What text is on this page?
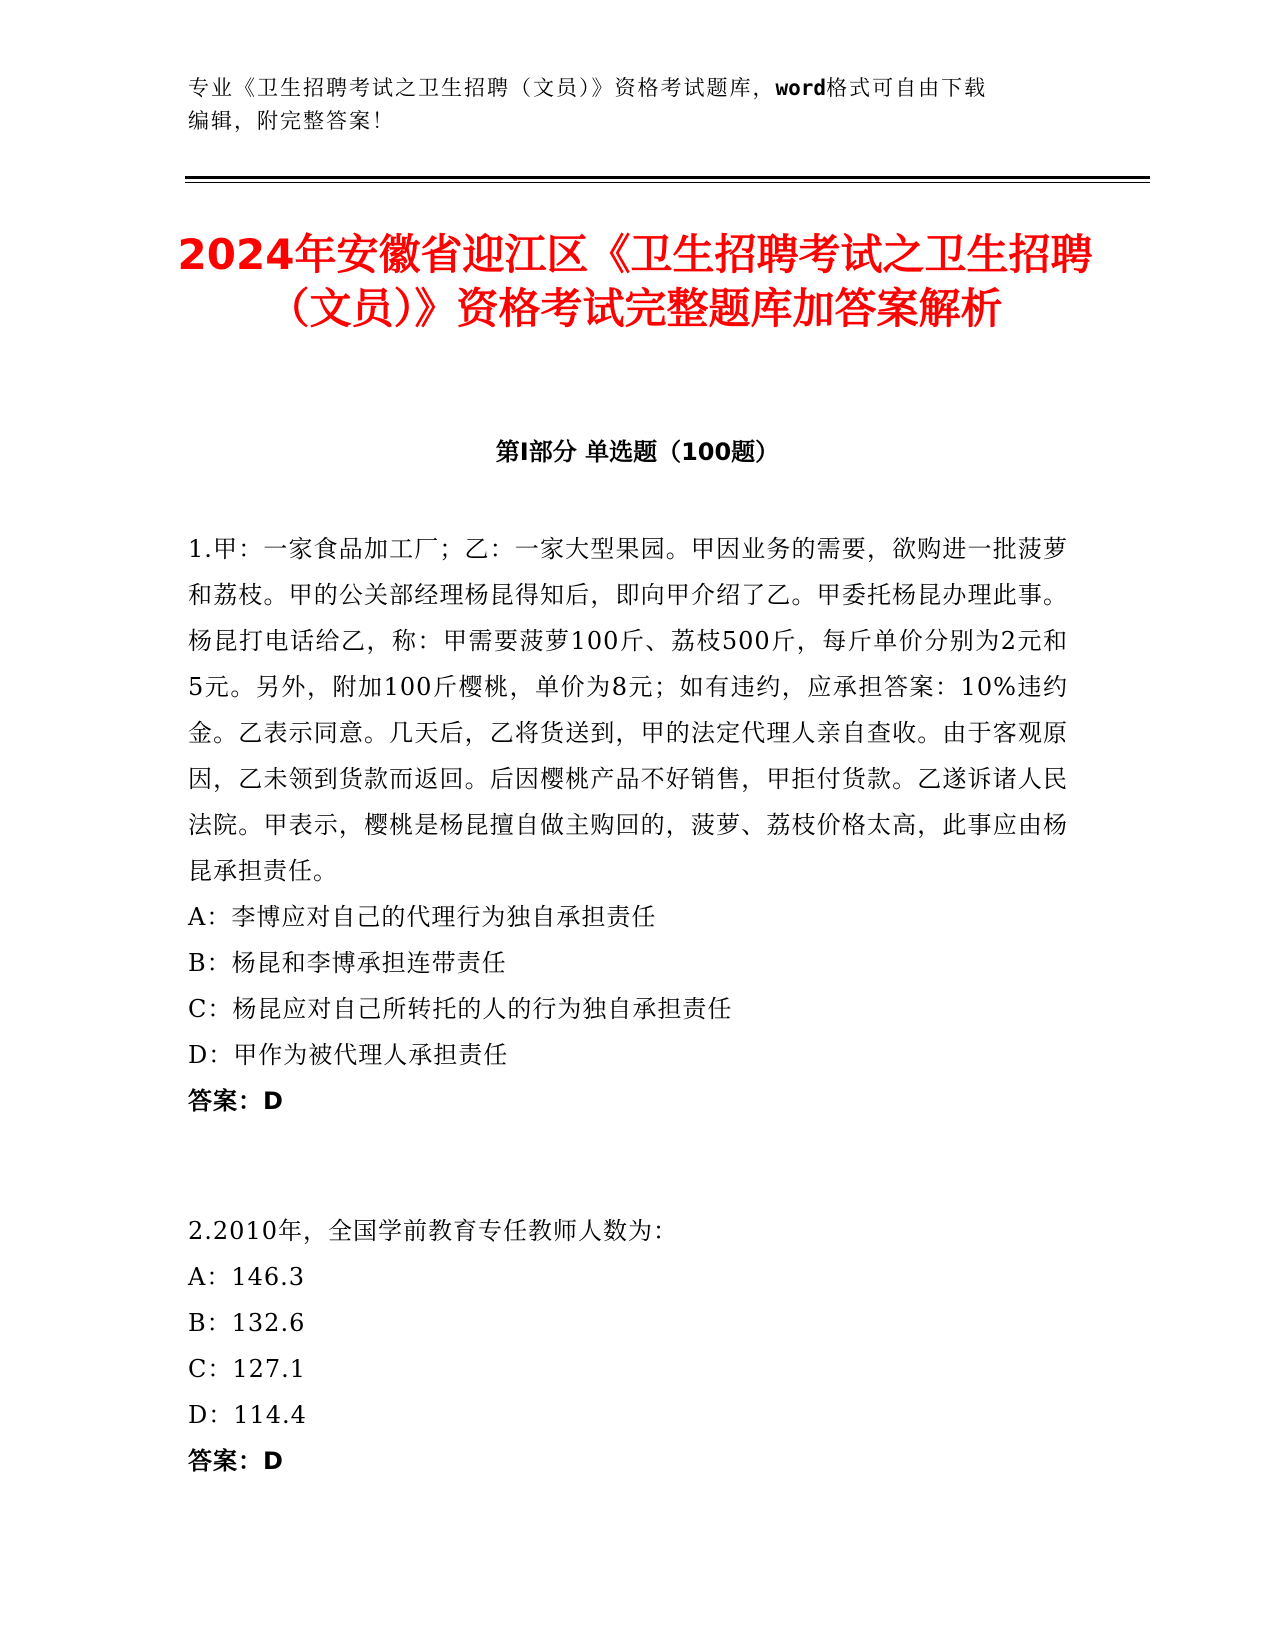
专业《卫生招聘考试之卫生招聘（文员）》资格考试题库，word格式可自由下载
编辑，附完整答案！
2024年安徽省迎江区《卫生招聘考试之卫生招聘（文员）》资格考试完整题库加答案解析
第I部分 单选题（100题）

1.甲：一家食品加工厂；乙：一家大型果园。甲因业务的需要，欲购进一批菠萝和荔枝。甲的公关部经理杨昆得知后，即向甲介绍了乙。甲委托杨昆办理此事。杨昆打电话给乙，称：甲需要菠萝100斤、荔枝500斤，每斤单价分别为2元和5元。另外，附加100斤樱桃，单价为8元；如有违约，应承担答案：10%违约金。乙表示同意。几天后，乙将货送到，甲的法定代理人亲自查收。由于客观原因，乙未领到货款而返回。后因樱桃产品不好销售，甲拒付货款。乙遂诉诸人民法院。甲表示，樱桃是杨昆擅自做主购回的，菠萝、荔枝价格太高，此事应由杨昆承担责任。

A：李博应对自己的代理行为独自承担责任

B：杨昆和李博承担连带责任

C：杨昆应对自己所转托的人的行为独自承担责任

D：甲作为被代理人承担责任

答案：D

2.2010年，全国学前教育专任教师人数为：

A：146.3

B：132.6

C：127.1

D：114.4

答案：D
